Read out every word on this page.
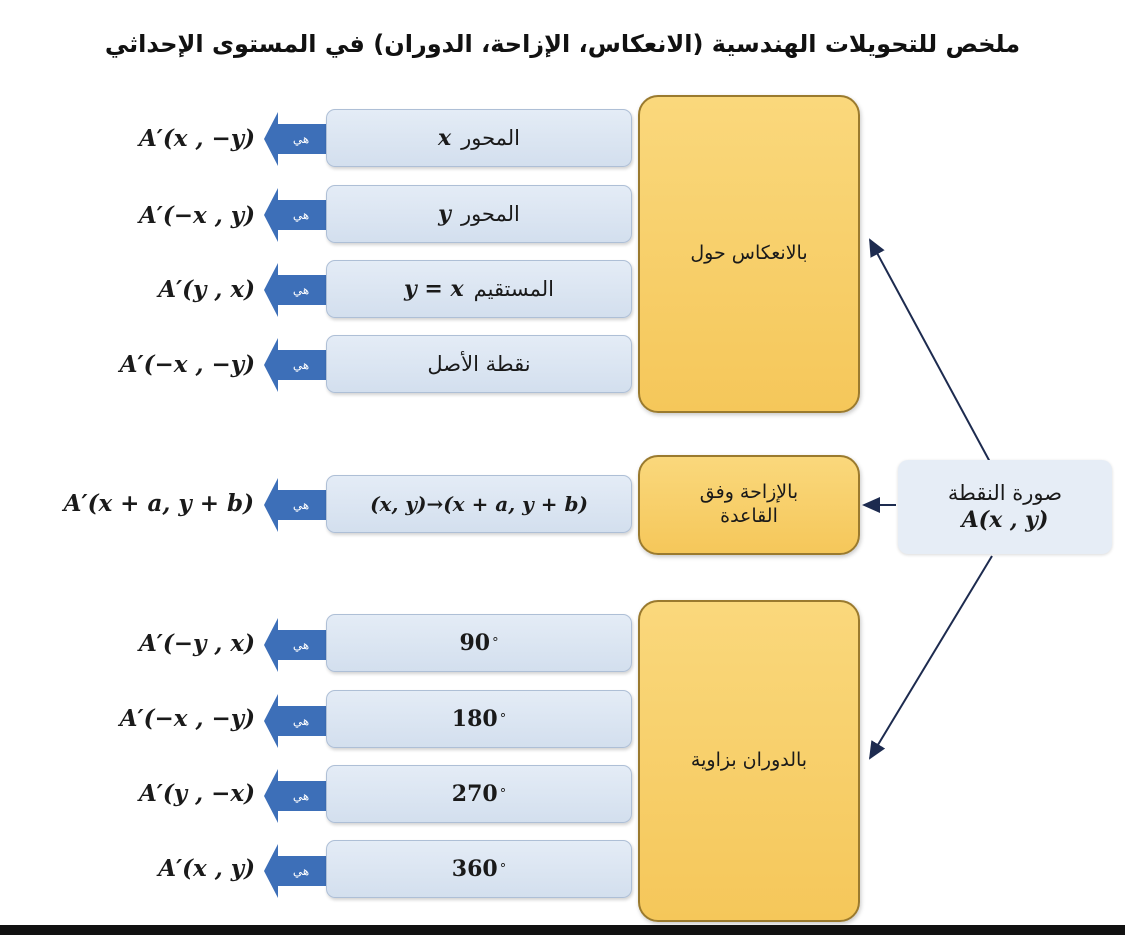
ملخص للتحويلات الهندسية (الانعكاس، الإزاحة، الدوران) في المستوى الإحداثي
بالانعكاس حول
بالإزاحة وفق القاعدة
بالدوران بزاوية
صورة النقطة
A(x , y)
A′(x , −y)	هي	x المحور
A′(−x , y)	هي	y المحور
A′(y , x)	هي	y = x المستقيم
A′(−x , −y)	هي	نقطة الأصل
A′(x + a, y + b)	هي	(x, y)→(x + a, y + b)
A′(−y , x)	هي	90 °
A′(−x , −y)	هي	180 °
A′(y , −x)	هي	270 °
A′(x , y)	هي	360 °
